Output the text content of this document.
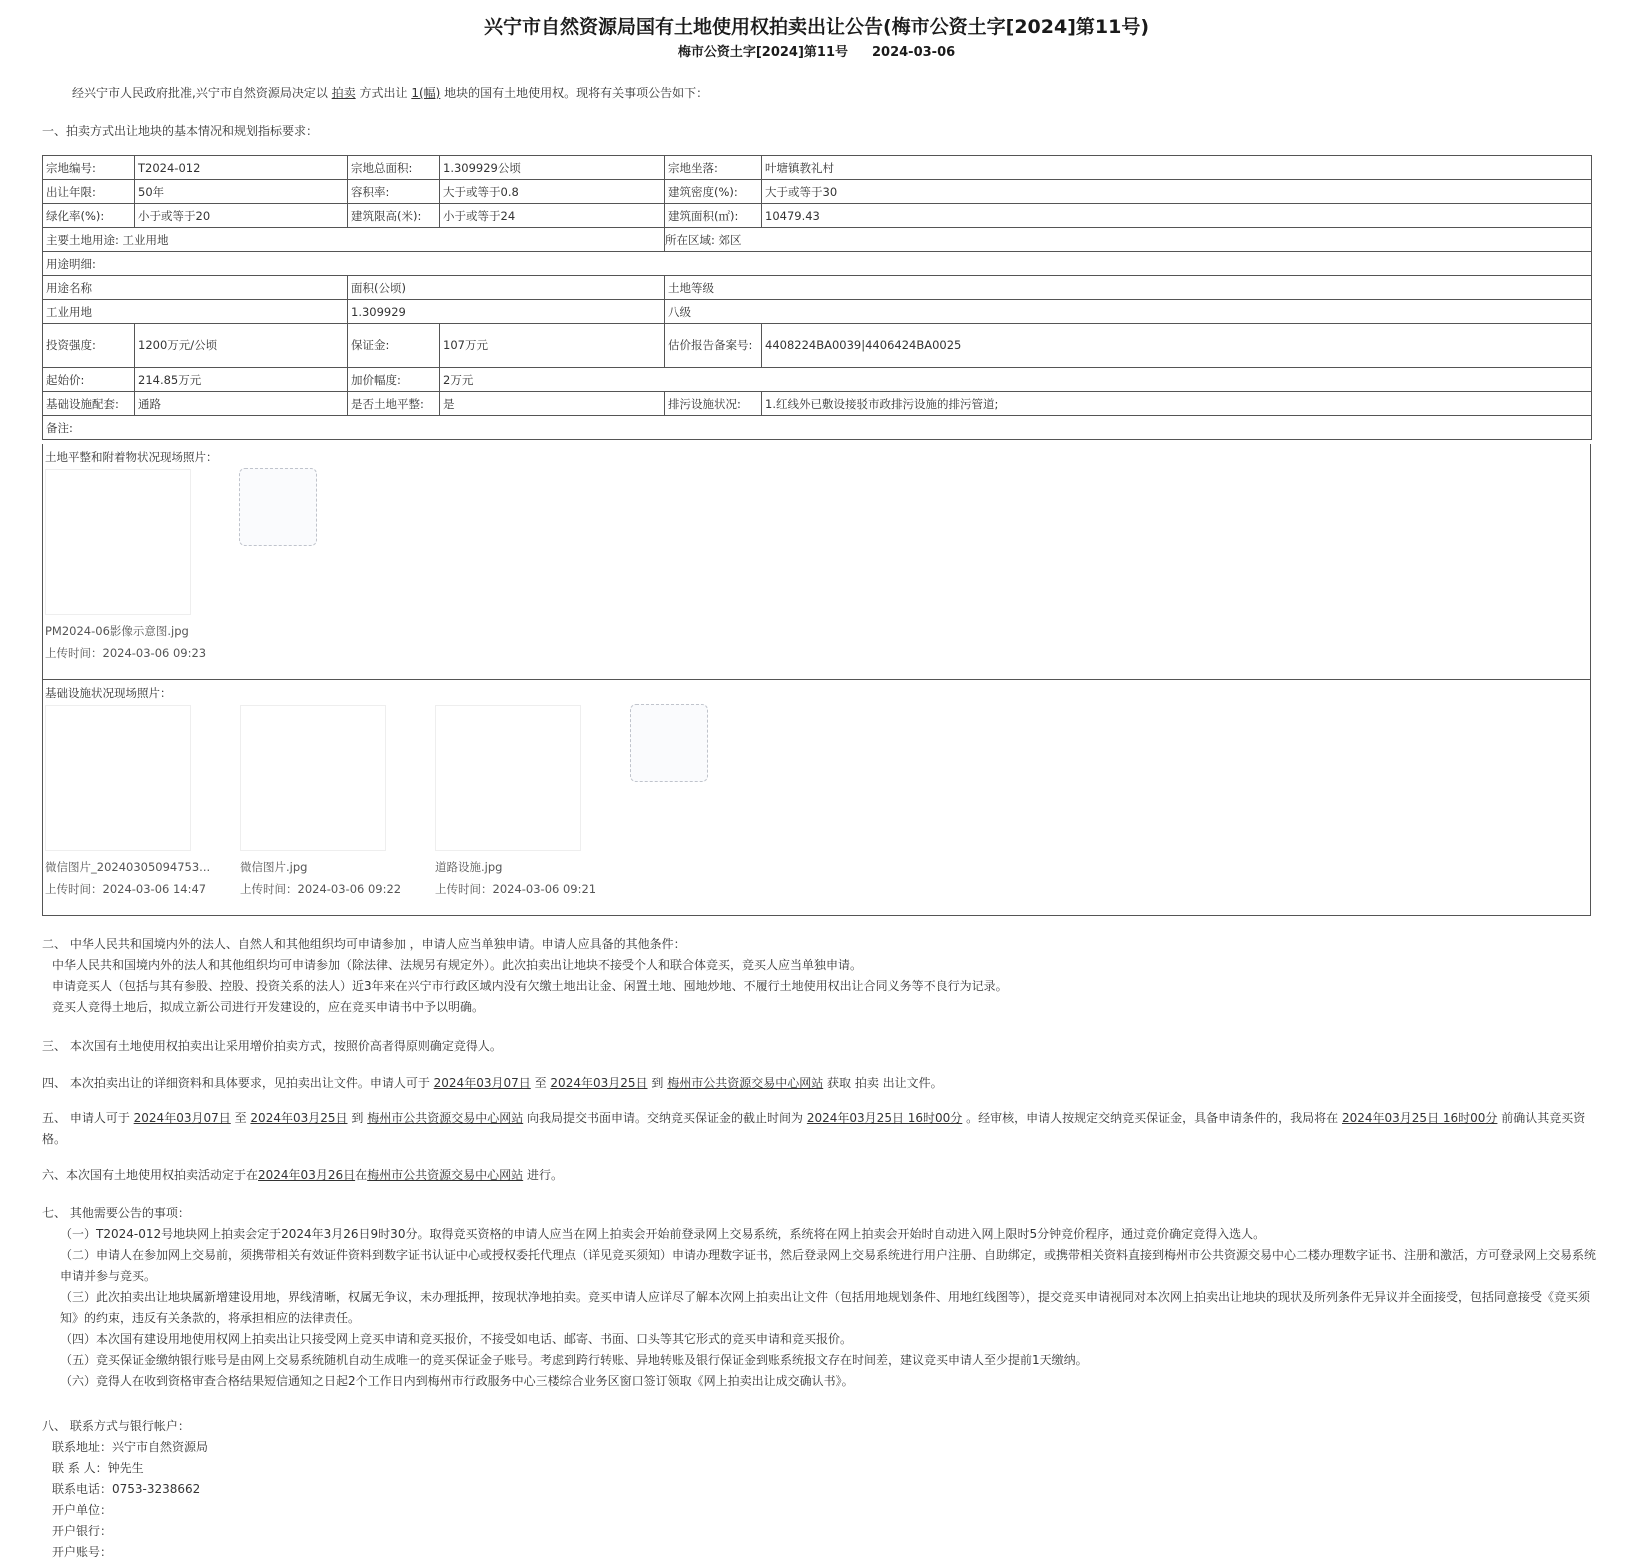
兴宁市自然资源局国有土地使用权拍卖出让公告(梅市公资土字[2024]第11号)
梅市公资土字[2024]第11号 2024-03-06
经兴宁市人民政府批准,兴宁市自然资源局决定以 拍卖 方式出让 1(幅) 地块的国有土地使用权。现将有关事项公告如下：
一、拍卖方式出让地块的基本情况和规划指标要求：
宗地编号:	T2024-012	宗地总面积:	1.309929公顷	宗地坐落:	叶塘镇教礼村
出让年限:	50年	容积率:	大于或等于0.8	建筑密度(%):	大于或等于30
绿化率(%):	小于或等于20	建筑限高(米):	小于或等于24	建筑面积(㎡):	10479.43
主要土地用途: 工业用地				所在区域: 郊区	
用途明细:					
用途名称		面积(公顷)		土地等级	
工业用地		1.309929		八级	
投资强度:	1200万元/公顷	保证金:	107万元	估价报告备案号:	4408224BA0039|4406424BA0025
起始价:	214.85万元	加价幅度:	2万元		
基础设施配套:	通路	是否土地平整:	是	排污设施状况:	1.红线外已敷设接驳市政排污设施的排污管道;
备注:					
土地平整和附着物状况现场照片：
PM2024-06影像示意图.jpg
上传时间：2024-03-06 09:23
基础设施状况现场照片：
微信图片_20240305094753...
上传时间：2024-03-06 14:47
微信图片.jpg
上传时间：2024-03-06 09:22
道路设施.jpg
上传时间：2024-03-06 09:21

二、 中华人民共和国境内外的法人、自然人和其他组织均可申请参加 ，申请人应当单独申请。申请人应具备的其他条件：

中华人民共和国境内外的法人和其他组织均可申请参加（除法律、法规另有规定外）。此次拍卖出让地块不接受个人和联合体竞买，竞买人应当单独申请。

申请竞买人（包括与其有参股、控股、投资关系的法人）近3年来在兴宁市行政区域内没有欠缴土地出让金、闲置土地、囤地炒地、不履行土地使用权出让合同义务等不良行为记录。

竞买人竞得土地后，拟成立新公司进行开发建设的，应在竞买申请书中予以明确。

三、 本次国有土地使用权拍卖出让采用增价拍卖方式，按照价高者得原则确定竞得人。

四、 本次拍卖出让的详细资料和具体要求，见拍卖出让文件。申请人可于 2024年03月07日 至 2024年03月25日 到 梅州市公共资源交易中心网站 获取 拍卖 出让文件。

五、 申请人可于 2024年03月07日 至 2024年03月25日 到 梅州市公共资源交易中心网站 向我局提交书面申请。交纳竞买保证金的截止时间为 2024年03月25日 16时00分 。经审核，申请人按规定交纳竞买保证金，具备申请条件的，我局将在 2024年03月25日 16时00分 前确认其竞买资格。

六、本次国有土地使用权拍卖活动定于在2024年03月26日在梅州市公共资源交易中心网站 进行。

七、 其他需要公告的事项：

（一）T2024-012号地块网上拍卖会定于2024年3月26日9时30分。取得竞买资格的申请人应当在网上拍卖会开始前登录网上交易系统，系统将在网上拍卖会开始时自动进入网上限时5分钟竞价程序，通过竞价确定竞得入选人。

（二）申请人在参加网上交易前，须携带相关有效证件资料到数字证书认证中心或授权委托代理点（详见竞买须知）申请办理数字证书，然后登录网上交易系统进行用户注册、自助绑定，或携带相关资料直接到梅州市公共资源交易中心二楼办理数字证书、注册和激活，方可登录网上交易系统申请并参与竞买。

（三）此次拍卖出让地块属新增建设用地，界线清晰，权属无争议，未办理抵押，按现状净地拍卖。竞买申请人应详尽了解本次网上拍卖出让文件（包括用地规划条件、用地红线图等），提交竞买申请视同对本次网上拍卖出让地块的现状及所列条件无异议并全面接受，包括同意接受《竞买须知》的约束，违反有关条款的，将承担相应的法律责任。

（四）本次国有建设用地使用权网上拍卖出让只接受网上竞买申请和竞买报价，不接受如电话、邮寄、书面、口头等其它形式的竞买申请和竞买报价。

（五）竞买保证金缴纳银行账号是由网上交易系统随机自动生成唯一的竞买保证金子账号。考虑到跨行转账、异地转账及银行保证金到账系统报文存在时间差，建议竞买申请人至少提前1天缴纳。

（六）竞得人在收到资格审查合格结果短信通知之日起2个工作日内到梅州市行政服务中心三楼综合业务区窗口签订领取《网上拍卖出让成交确认书》。

八、 联系方式与银行帐户：

联系地址：兴宁市自然资源局

联 系 人：钟先生

联系电话：0753-3238662

开户单位：

开户银行：

开户账号：
